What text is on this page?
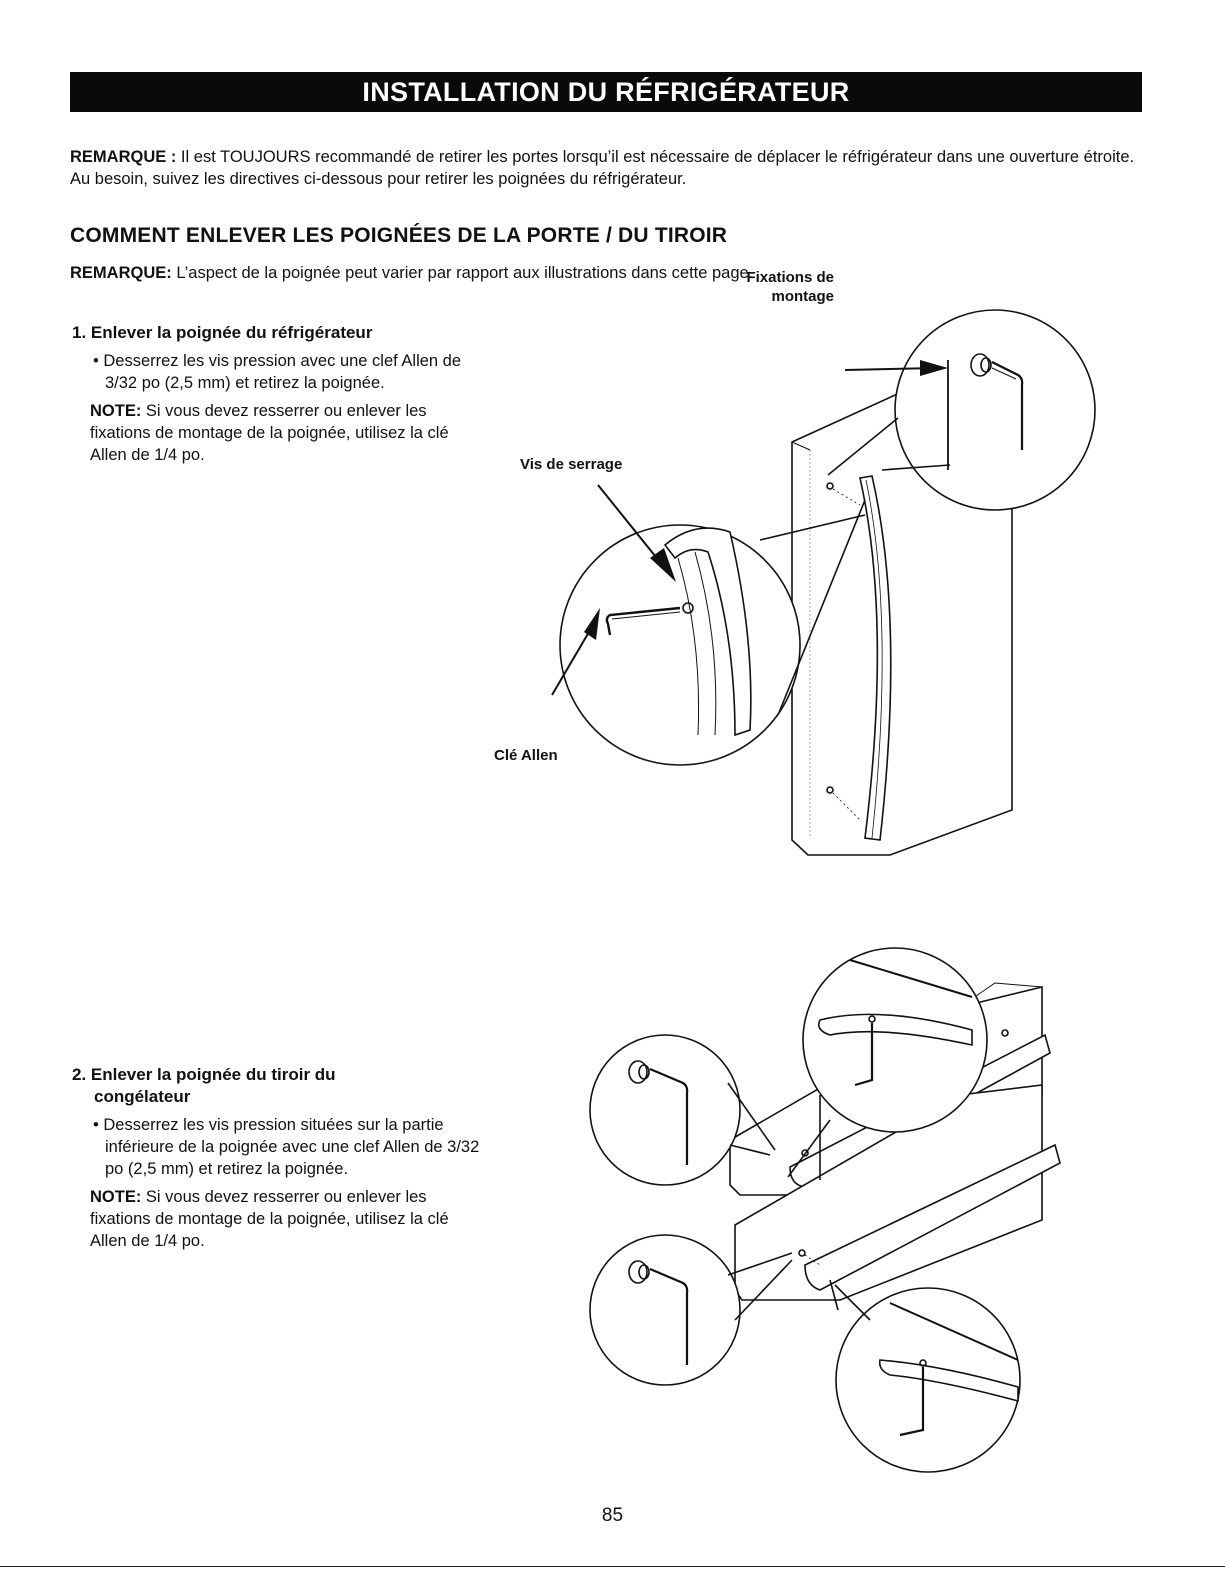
INSTALLATION DU RÉFRIGÉRATEUR
REMARQUE : Il est TOUJOURS recommandé de retirer les portes lorsqu’il est nécessaire de déplacer le réfrigérateur dans une ouverture étroite. Au besoin, suivez les directives ci-dessous pour retirer les poignées du réfrigérateur.
COMMENT ENLEVER LES POIGNÉES DE LA PORTE / DU TIROIR
REMARQUE: L’aspect de la poignée peut varier par rapport aux illustrations dans cette page.
1. Enlever la poignée du réfrigérateur

• Desserrez les vis pression avec une clef Allen de 3/32 po (2,5 mm) et retirez la poignée.

NOTE: Si vous devez resserrer ou enlever les fixations de montage de la poignée, utilisez la clé Allen de 1/4 po.

2. Enlever la poignée du tiroir du
congélateur

• Desserrez les vis pression situées sur la partie inférieure de la poignée avec une clef Allen de 3/32 po (2,5 mm) et retirez la poignée.

NOTE: Si vous devez resserrer ou enlever les fixations de montage de la poignée, utilisez la clé Allen de 1/4 po.

Fixations de
montage
Vis de serrage
Clé Allen
85
